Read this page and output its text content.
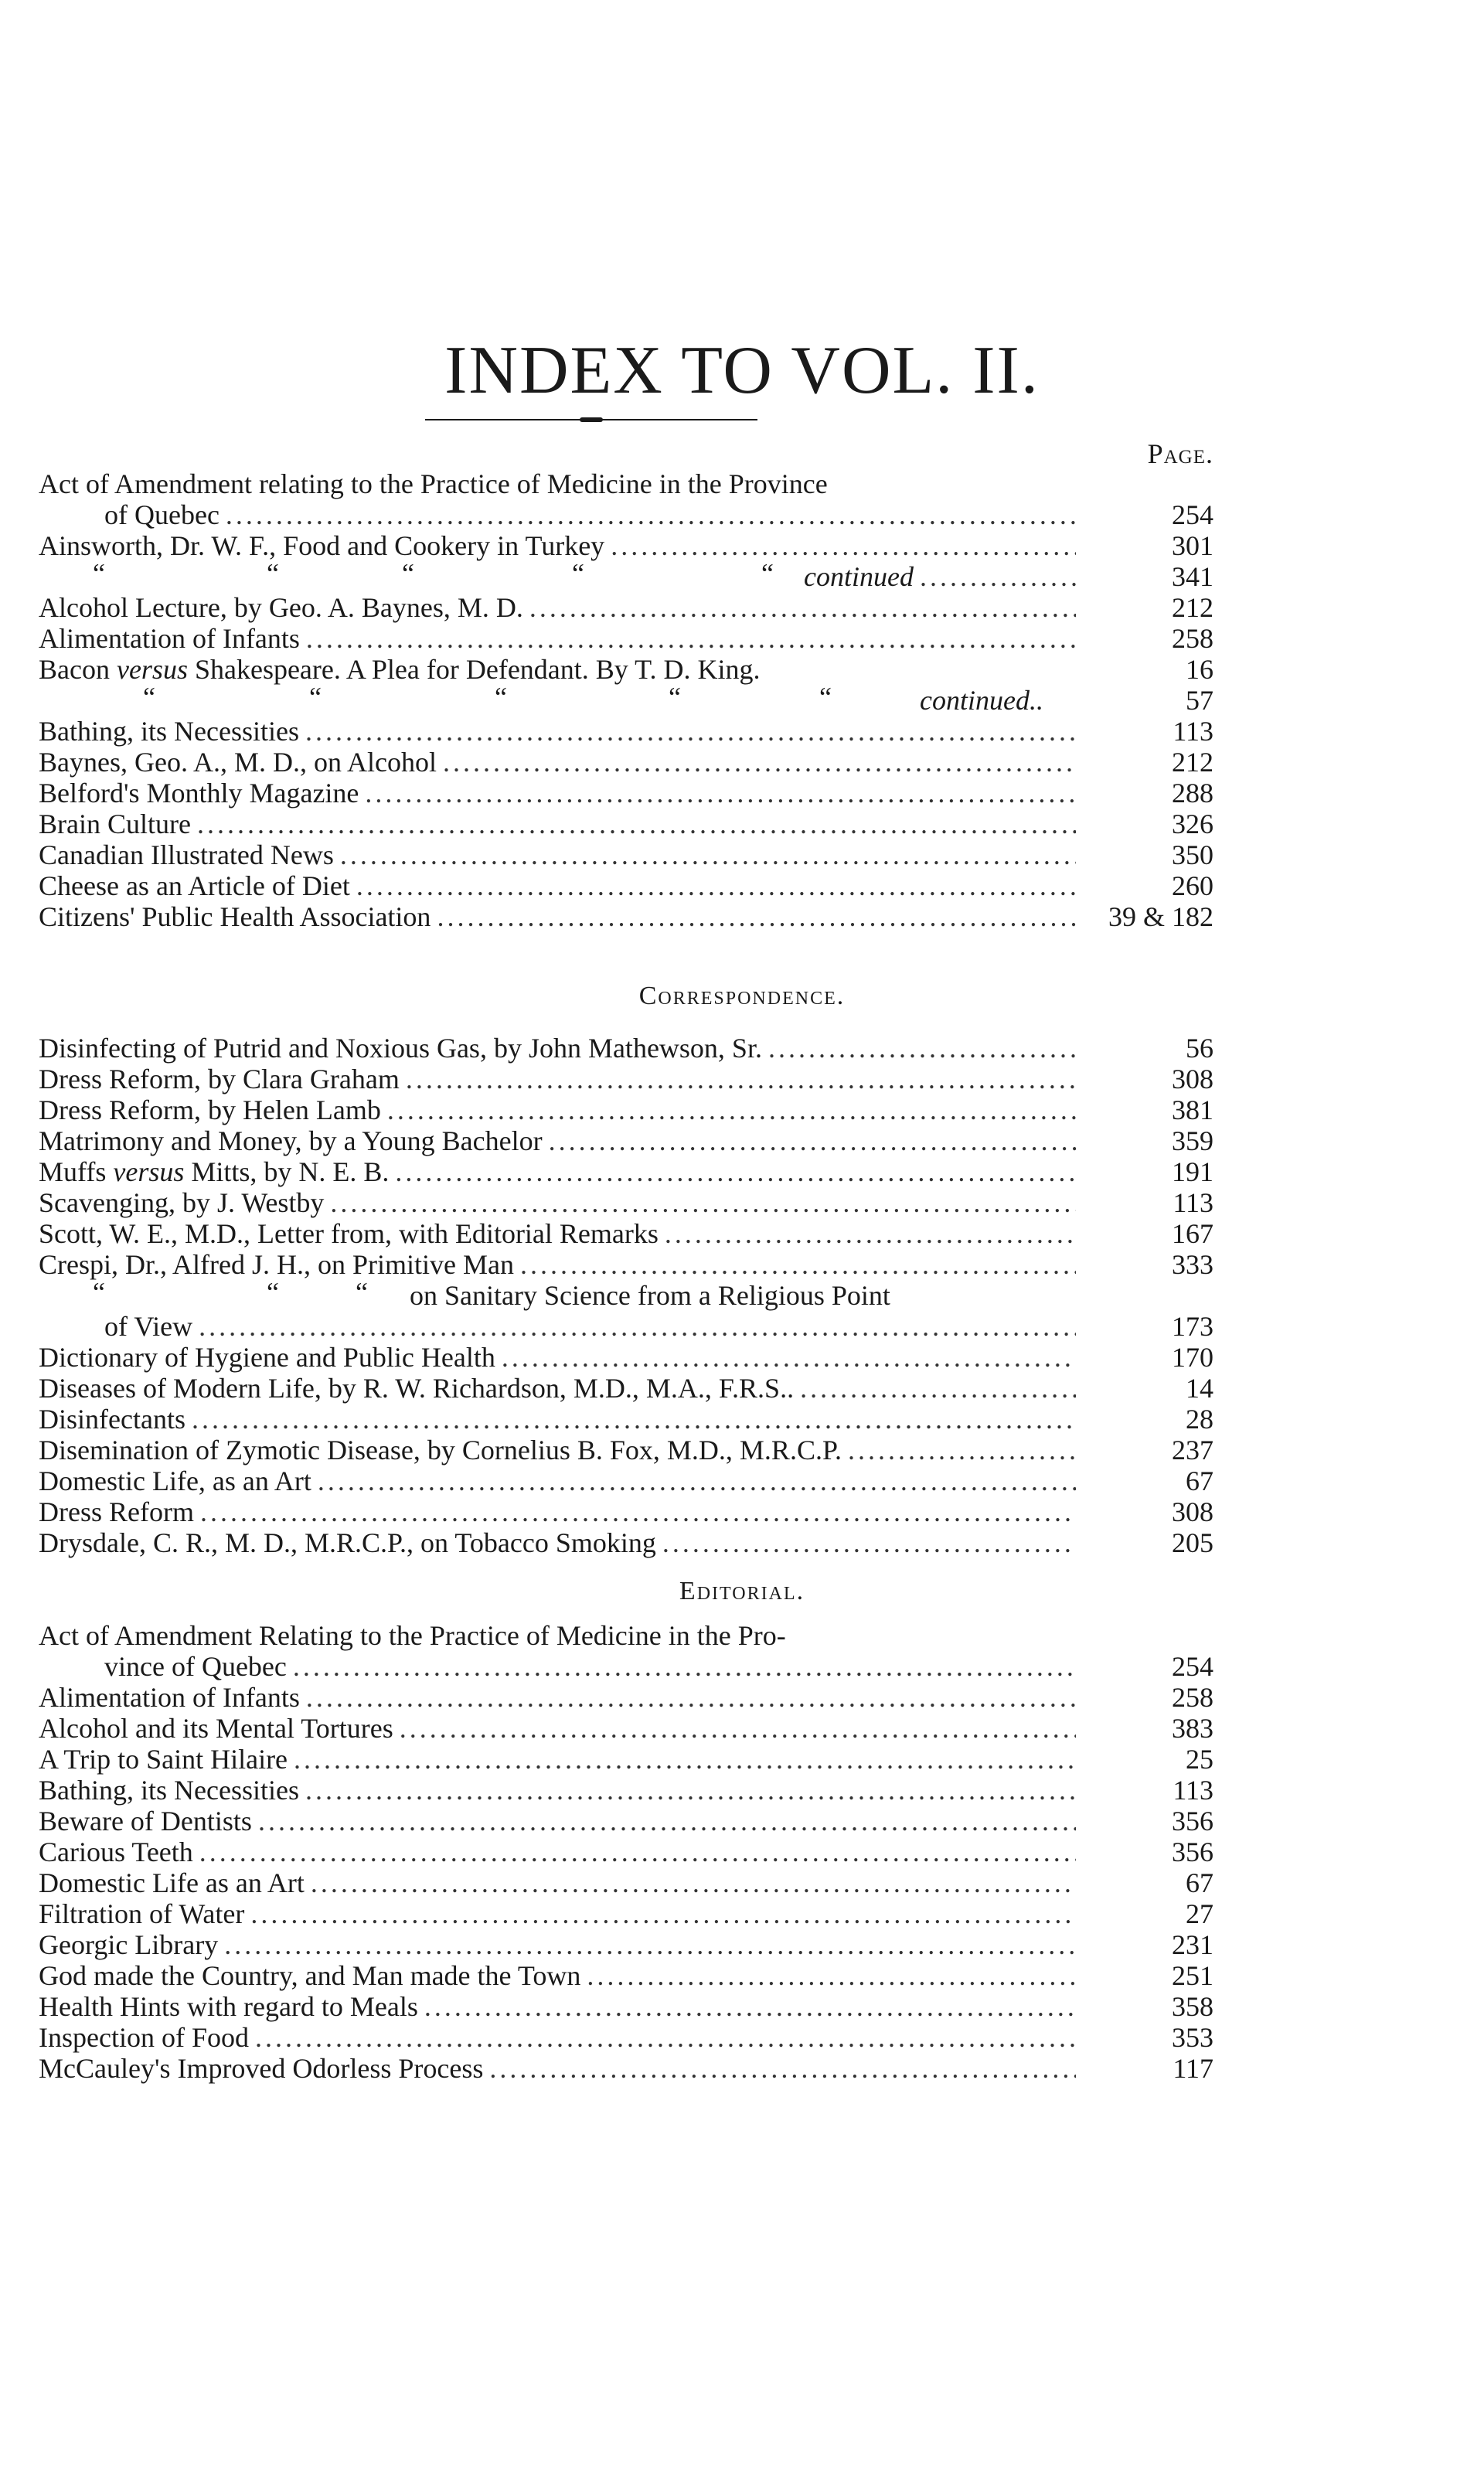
INDEX TO VOL. II.
Page.
Act of Amendment relating to the Practice of Medicine in the Province
of Quebec .....	254
Ainsworth, Dr. W. F., Food and Cookery in Turkey .....	301
“	“	“	“	“ continued .....	341
Alcohol Lecture, by Geo. A. Baynes, M. D. .....	212
Alimentation of Infants .....	258
Bacon versus Shakespeare. A Plea for Defendant. By T. D. King.	16
“	“	“	“	“	continued..	57
Bathing, its Necessities .....	113
Baynes, Geo. A., M. D., on Alcohol .....	212
Belford's Monthly Magazine .....	288
Brain Culture .....	326
Canadian Illustrated News .....	350
Cheese as an Article of Diet .....	260
Citizens' Public Health Association .....	39 & 182
Correspondence.
Disinfecting of Putrid and Noxious Gas, by John Mathewson, Sr. .....	56
Dress Reform, by Clara Graham .....	308
Dress Reform, by Helen Lamb .....	381
Matrimony and Money, by a Young Bachelor .....	359
Muffs versus Mitts, by N. E. B. .....	191
Scavenging, by J. Westby .....	113
Scott, W. E., M.D., Letter from, with Editorial Remarks .....	167
Crespi, Dr., Alfred J. H., on Primitive Man .....	333
“	“	“ on Sanitary Science from a Religious Point
of View .....	173
Dictionary of Hygiene and Public Health .....	170
Diseases of Modern Life, by R. W. Richardson, M.D., M.A., F.R.S.. .....	14
Disinfectants .....	28
Disemination of Zymotic Disease, by Cornelius B. Fox, M.D., M.R.C.P. .....	237
Domestic Life, as an Art .....	67
Dress Reform .....	308
Drysdale, C. R., M. D., M.R.C.P., on Tobacco Smoking .....	205
Editorial.
Act of Amendment Relating to the Practice of Medicine in the Pro-
vince of Quebec .....	254
Alimentation of Infants .....	258
Alcohol and its Mental Tortures .....	383
A Trip to Saint Hilaire .....	25
Bathing, its Necessities .....	113
Beware of Dentists .....	356
Carious Teeth .....	356
Domestic Life as an Art .....	67
Filtration of Water .....	27
Georgic Library .....	231
God made the Country, and Man made the Town .....	251
Health Hints with regard to Meals .....	358
Inspection of Food .....	353
McCauley's Improved Odorless Process .....	117
